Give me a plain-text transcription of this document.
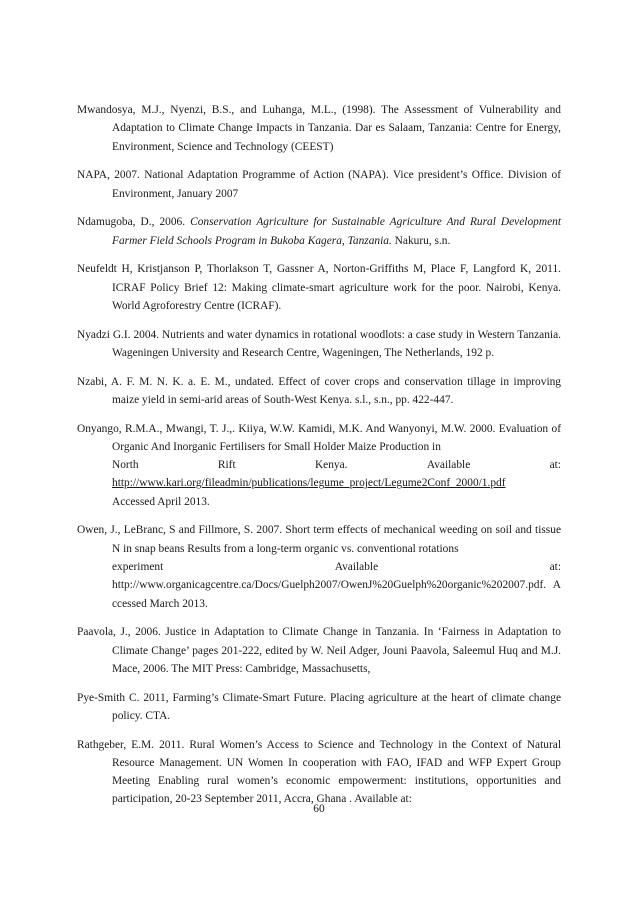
Mwandosya, M.J., Nyenzi, B.S., and Luhanga, M.L., (1998). The Assessment of Vulnerability and Adaptation to Climate Change Impacts in Tanzania. Dar es Salaam, Tanzania: Centre for Energy, Environment, Science and Technology (CEEST)

NAPA, 2007. National Adaptation Programme of Action (NAPA). Vice president’s Office. Division of Environment, January 2007

Ndamugoba, D., 2006. Conservation Agriculture for Sustainable Agriculture And Rural Development Farmer Field Schools Program in Bukoba Kagera, Tanzania. Nakuru, s.n.

Neufeldt H, Kristjanson P, Thorlakson T, Gassner A, Norton-Griffiths M, Place F, Langford K, 2011. ICRAF Policy Brief 12: Making climate-smart agriculture work for the poor. Nairobi, Kenya. World Agroforestry Centre (ICRAF).

Nyadzi G.I. 2004. Nutrients and water dynamics in rotational woodlots: a case study in Western Tanzania. Wageningen University and Research Centre, Wageningen, The Netherlands, 192 p.

Nzabi, A. F. M. N. K. a. E. M., undated. Effect of cover crops and conservation tillage in improving maize yield in semi-arid areas of South-West Kenya. s.l., s.n., pp. 422-447.

Onyango, R.M.A., Mwangi, T. J.,. Kiiya, W.W. Kamidi, M.K. And Wanyonyi, M.W. 2000. Evaluation of Organic And Inorganic Fertilisers for Small Holder Maize Production in
North	Rift	Kenya.	Available	at:
http://www.kari.org/fileadmin/publications/legume_project/Legume2Conf_2000/1.pdf
Accessed April 2013.

Owen, J., LeBranc, S and Fillmore, S. 2007. Short term effects of mechanical weeding on soil and tissue N in snap beans Results from a long-term organic vs. conventional rotations
experiment	Available	at:
http://www.organicagcentre.ca/Docs/Guelph2007/OwenJ%20Guelph%20organic%202007.pdf. Accessed March 2013.

Paavola, J., 2006. Justice in Adaptation to Climate Change in Tanzania. In ‘Fairness in Adaptation to Climate Change’ pages 201-222, edited by W. Neil Adger, Jouni Paavola, Saleemul Huq and M.J. Mace, 2006. The MIT Press: Cambridge, Massachusetts,

Pye-Smith C. 2011, Farming’s Climate-Smart Future. Placing agriculture at the heart of climate change policy. CTA.

Rathgeber, E.M. 2011. Rural Women’s Access to Science and Technology in the Context of Natural Resource Management. UN Women In cooperation with FAO, IFAD and WFP Expert Group Meeting Enabling rural women’s economic empowerment: institutions, opportunities and participation, 20-23 September 2011, Accra, Ghana . Available at:

60
